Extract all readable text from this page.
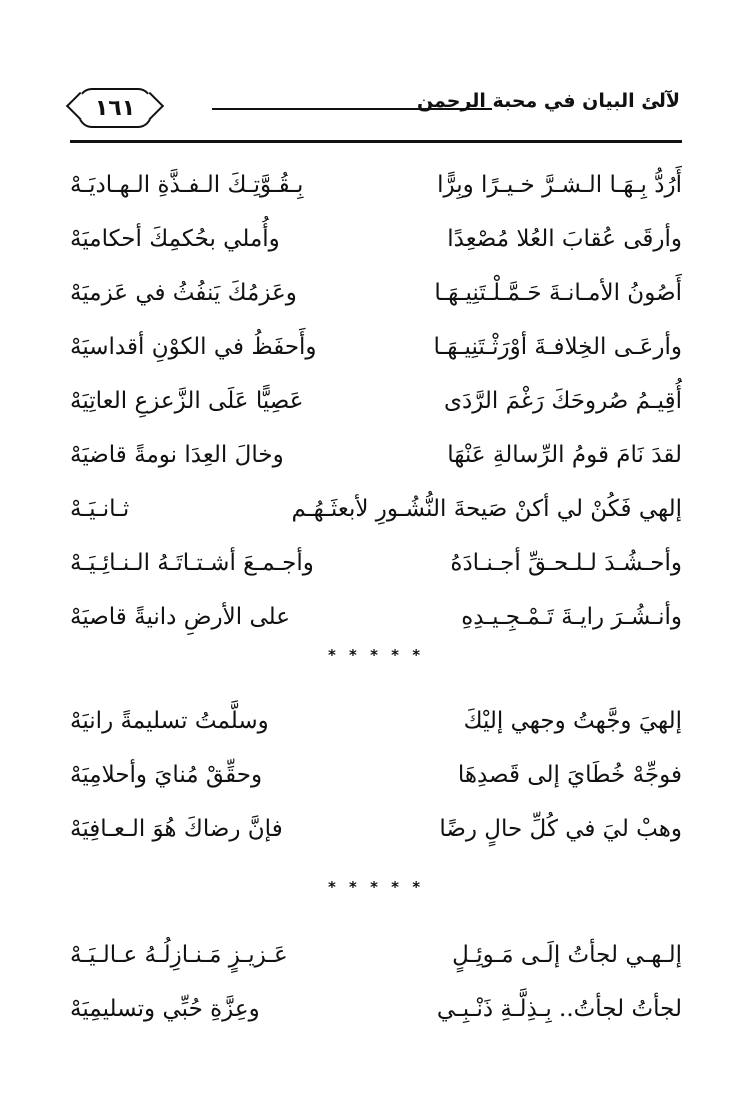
١٦١	لآلئ البيان في محبة الرحمن
أَرُدُّ بِـهَـا الـشـرَّ خـيـرًا وبِرًّا
بِـقُـوَّتِـكَ الـفـذَّةِ الـهـاديَـهْ
وأرقَى عُقابَ العُلا مُصْعِدًا
وأُملي بحُكمِكَ أحكاميَهْ
أَصُونُ الأمـانـةَ حَـمَّـلْـتَنِيـهَـا
وعَزمُكَ يَنفُثُ في عَزميَهْ
وأرعَـى الخِلافـةَ أوْرَثْـتَنِيـهَـا
وأَحفَظُ في الكوْنِ أقداسيَهْ
أُقِيـمُ صُروحَكَ رَغْمَ الرَّدَى
عَصِيًّا عَلَى الزَّعزعِ العاتِيَهْ
لقدَ نَامَ قومُ الرِّسالةِ عَنْهَا
وخالَ العِدَا نومةً قاضيَهْ
إلهي فَكُنْ لي أكنْ صَيحةَ النُّشُـورِ لأبعثَـهُـم
ثـانـيَـهْ
وأحـشُـدَ لـلـحـقِّ أجـنـادَهُ
وأجـمـعَ أشـتـاتَـهُ الـنـائِـيَـهْ
وأنـشُـرَ رايـةَ تَـمْـجِـيـدِهِ
على الأرضِ دانيةً قاصيَهْ
* * * * *
إلهيَ وجَّهتُ وجهي إليْكَ
وسلَّمتُ تسليمةً رانيَهْ
فوجِّهْ خُطَايَ إلى قَصدِهَا
وحقِّقْ مُنايَ وأحلامِيَهْ
وهبْ ليَ في كُلِّ حالٍ رضًا
فإنَّ رضاكَ هُوَ الـعـافِيَهْ
* * * * *
إلـهـي لجأتُ إلَـى مَـوئِـلٍ
عَـزيـزٍ مَـنـازِلُـهُ عـالـيَـهْ
لجأتُ لجأتُ.. بِـذِلَّـةِ ذَنْـبِـي
وعِزَّةِ حُبِّي وتسليمِيَهْ
